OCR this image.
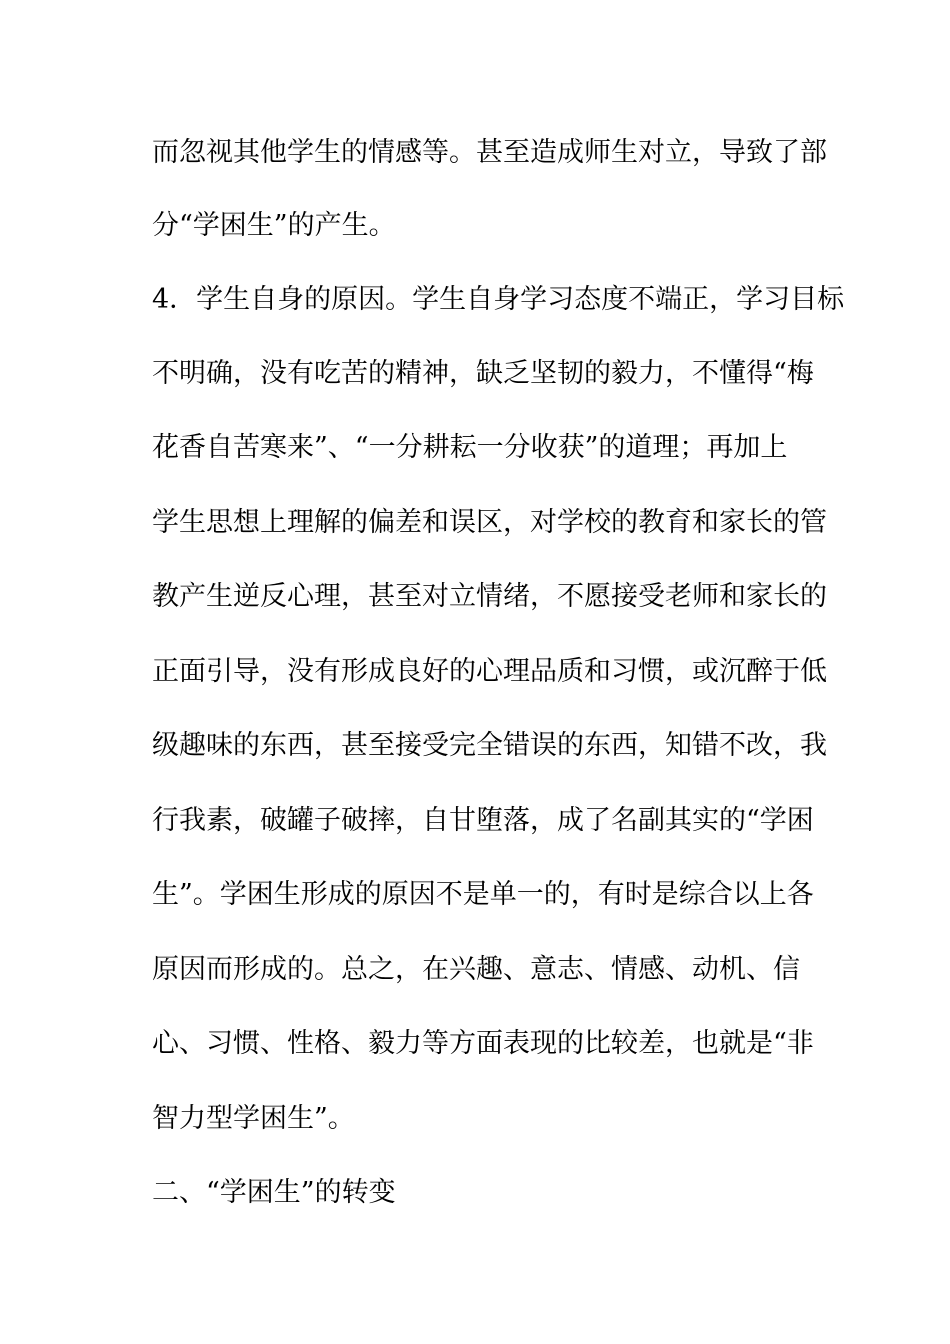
而忽视其他学生的情感等。甚至造成师生对立，导致了部
分“学困生”的产生。
4．学生自身的原因。学生自身学习态度不端正，学习目标
不明确，没有吃苦的精神，缺乏坚韧的毅力，不懂得“梅
花香自苦寒来”、“一分耕耘一分收获”的道理；再加上
学生思想上理解的偏差和误区，对学校的教育和家长的管
教产生逆反心理，甚至对立情绪，不愿接受老师和家长的
正面引导，没有形成良好的心理品质和习惯，或沉醉于低
级趣味的东西，甚至接受完全错误的东西，知错不改，我
行我素，破罐子破摔，自甘堕落，成了名副其实的“学困
生”。学困生形成的原因不是单一的，有时是综合以上各
原因而形成的。总之，在兴趣、意志、情感、动机、信
心、习惯、性格、毅力等方面表现的比较差，也就是“非
智力型学困生”。
二、“学困生”的转变
